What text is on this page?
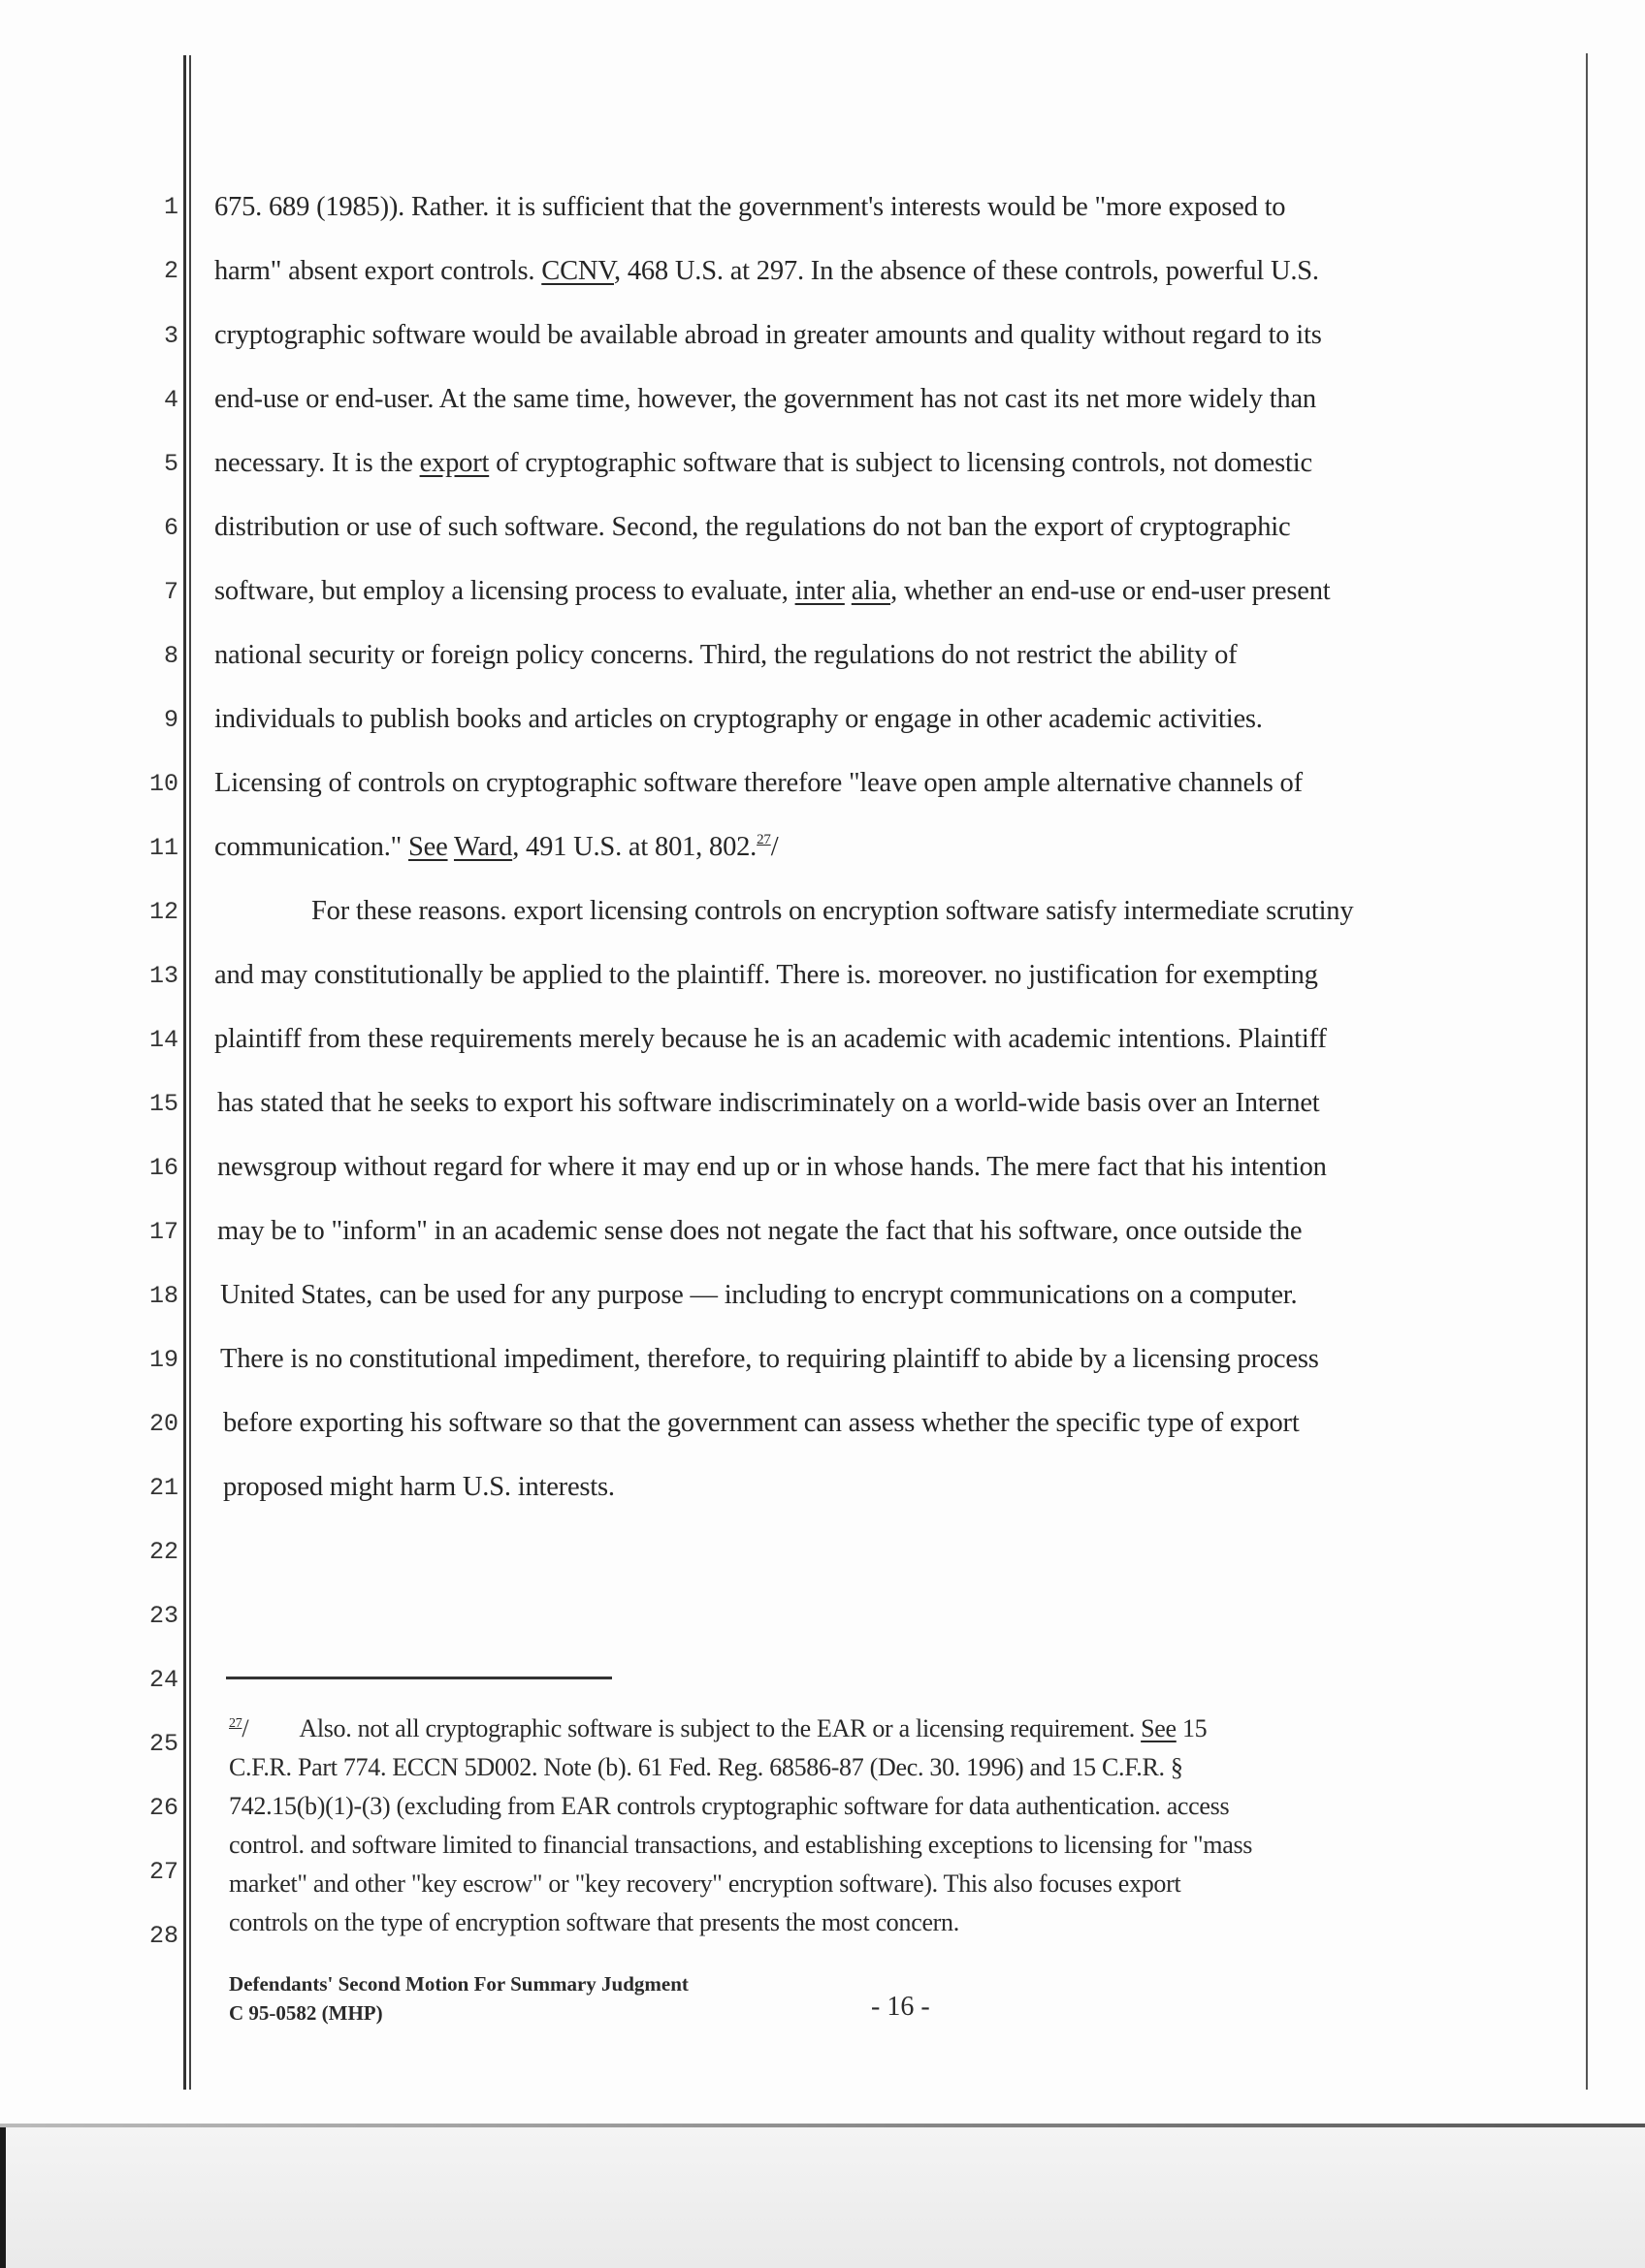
1
2
3
4
5
6
7
8
9
10
11
12
13
14
15
16
17
18
19
20
21
22
23
24
25
26
27
28
675. 689 (1985)). Rather. it is sufficient that the government's interests would be "more exposed to
harm" absent export controls. CCNV, 468 U.S. at 297. In the absence of these controls, powerful U.S.
cryptographic software would be available abroad in greater amounts and quality without regard to its
end-use or end-user. At the same time, however, the government has not cast its net more widely than
necessary. It is the export of cryptographic software that is subject to licensing controls, not domestic
distribution or use of such software. Second, the regulations do not ban the export of cryptographic
software, but employ a licensing process to evaluate, inter alia, whether an end-use or end-user present
national security or foreign policy concerns. Third, the regulations do not restrict the ability of
individuals to publish books and articles on cryptography or engage in other academic activities.
Licensing of controls on cryptographic software therefore "leave open ample alternative channels of
communication." See Ward, 491 U.S. at 801, 802.27/
For these reasons. export licensing controls on encryption software satisfy intermediate scrutiny
and may constitutionally be applied to the plaintiff. There is. moreover. no justification for exempting
plaintiff from these requirements merely because he is an academic with academic intentions. Plaintiff
has stated that he seeks to export his software indiscriminately on a world-wide basis over an Internet
newsgroup without regard for where it may end up or in whose hands. The mere fact that his intention
may be to "inform" in an academic sense does not negate the fact that his software, once outside the
United States, can be used for any purpose — including to encrypt communications on a computer.
There is no constitutional impediment, therefore, to requiring plaintiff to abide by a licensing process
before exporting his software so that the government can assess whether the specific type of export
proposed might harm U.S. interests.
$^{27}$/ Also. not all cryptographic software is subject to the EAR or a licensing requirement. See 15
C.F.R. Part 774. ECCN 5D002. Note (b). 61 Fed. Reg. 68586-87 (Dec. 30. 1996) and 15 C.F.R. §
742.15(b)(1)-(3) (excluding from EAR controls cryptographic software for data authentication. access
control. and software limited to financial transactions, and establishing exceptions to licensing for "mass
market" and other "key escrow" or "key recovery" encryption software). This also focuses export
controls on the type of encryption software that presents the most concern.
Defendants' Second Motion For Summary Judgment
C 95-0582 (MHP)	- 16 -
